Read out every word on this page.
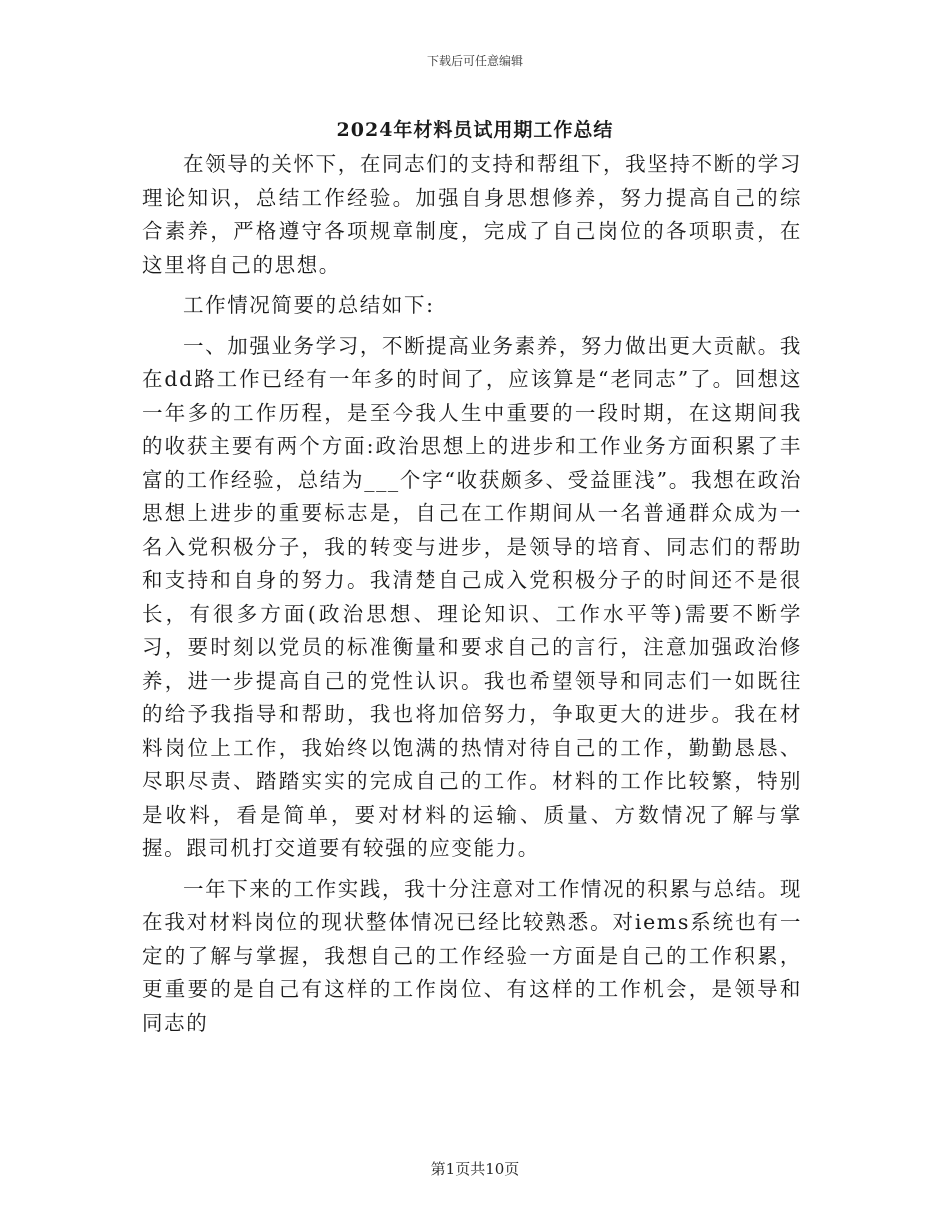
下载后可任意编辑
2024年材料员试用期工作总结

在领导的关怀下，在同志们的支持和帮组下，我坚持不断的学习理论知识，总结工作经验。加强自身思想修养，努力提高自己的综合素养，严格遵守各项规章制度，完成了自己岗位的各项职责，在这里将自己的思想。

工作情况简要的总结如下:

一、加强业务学习，不断提高业务素养，努力做出更大贡献。我在dd路工作已经有一年多的时间了，应该算是“老同志”了。回想这一年多的工作历程，是至今我人生中重要的一段时期，在这期间我的收获主要有两个方面:政治思想上的进步和工作业务方面积累了丰富的工作经验，总结为___个字“收获颇多、受益匪浅”。我想在政治思想上进步的重要标志是，自己在工作期间从一名普通群众成为一名入党积极分子，我的转变与进步，是领导的培育、同志们的帮助和支持和自身的努力。我清楚自己成入党积极分子的时间还不是很长，有很多方面(政治思想、理论知识、工作水平等)需要不断学习，要时刻以党员的标准衡量和要求自己的言行，注意加强政治修养，进一步提高自己的党性认识。我也希望领导和同志们一如既往的给予我指导和帮助，我也将加倍努力，争取更大的进步。我在材料岗位上工作，我始终以饱满的热情对待自己的工作，勤勤恳恳、尽职尽责、踏踏实实的完成自己的工作。材料的工作比较繁，特别是收料，看是简单，要对材料的运输、质量、方数情况了解与掌握。跟司机打交道要有较强的应变能力。

一年下来的工作实践，我十分注意对工作情况的积累与总结。现在我对材料岗位的现状整体情况已经比较熟悉。对iems系统也有一定的了解与掌握，我想自己的工作经验一方面是自己的工作积累，更重要的是自己有这样的工作岗位、有这样的工作机会，是领导和同志的

第1页共10页
